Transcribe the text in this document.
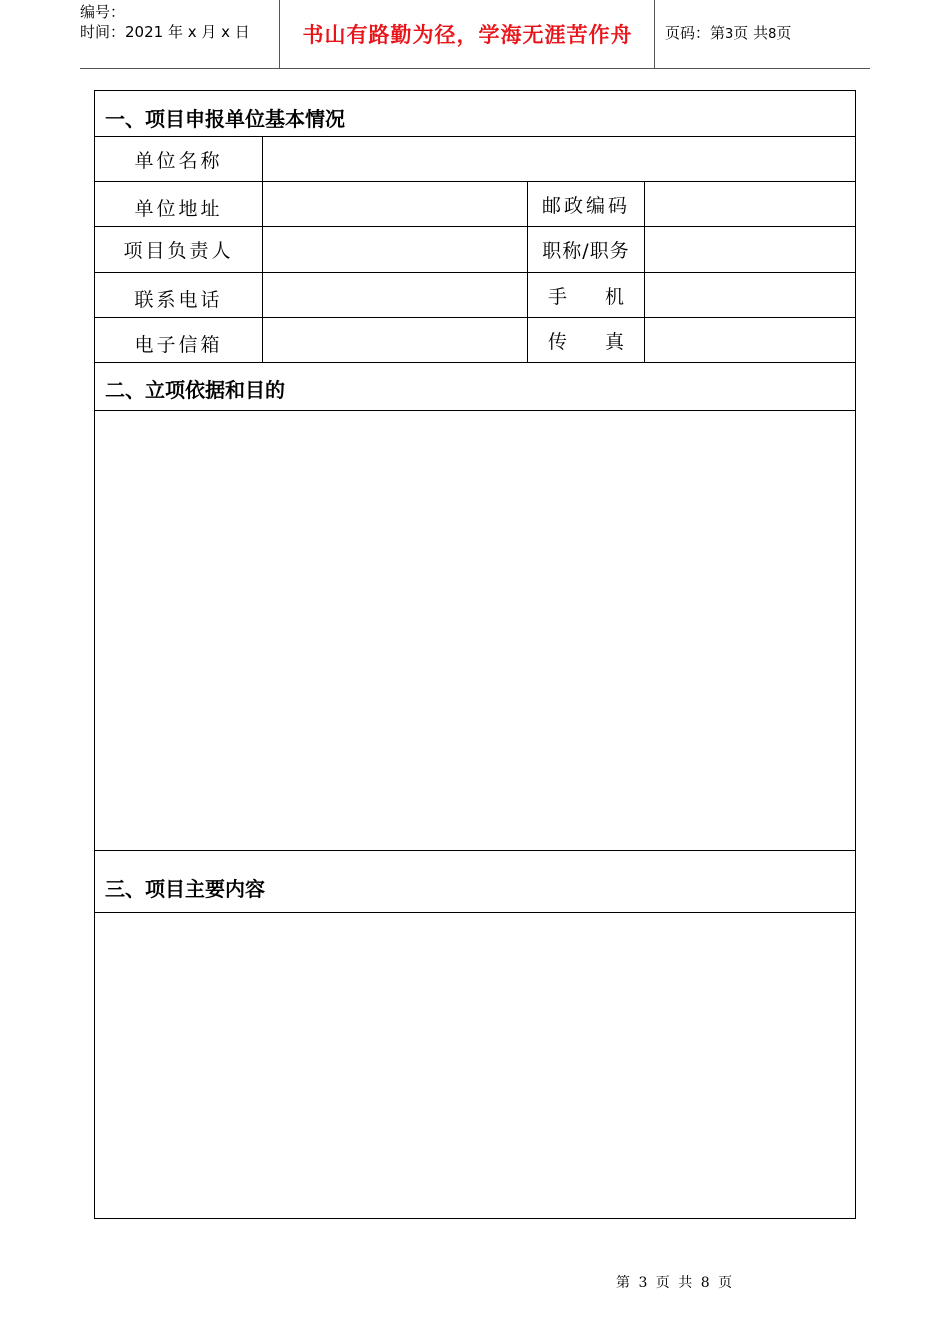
编号：
时间：2021 年 x 月 x 日	书山有路勤为径，学海无涯苦作舟	页码：第3页 共8页
一、项目申报单位基本情况
单位名称
单位地址	邮政编码
项目负责人	职称/职务
联系电话	手机
电子信箱	传真
二、立项依据和目的
三、项目主要内容
第 3 页 共 8 页
